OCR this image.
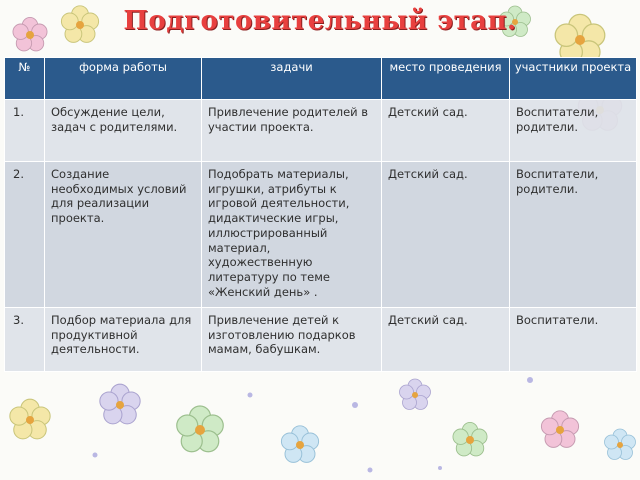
Подготовительный этап.
№	форма работы	задачи	место проведения	участники проекта
1.	Обсуждение цели, задач с родителями.	Привлечение родителей в участии проекта.	Детский сад.	Воспитатели, родители.
2.	Создание необходимых условий для реализации проекта.	Подобрать материалы, игрушки, атрибуты к игровой деятельности, дидактические игры, иллюстрированный материал, художественную литературу по теме «Женский день» .	Детский сад.	Воспитатели, родители.
3.	Подбор материала для продуктивной деятельности.	Привлечение детей к изготовлению подарков мамам, бабушкам.	Детский сад.	Воспитатели.
